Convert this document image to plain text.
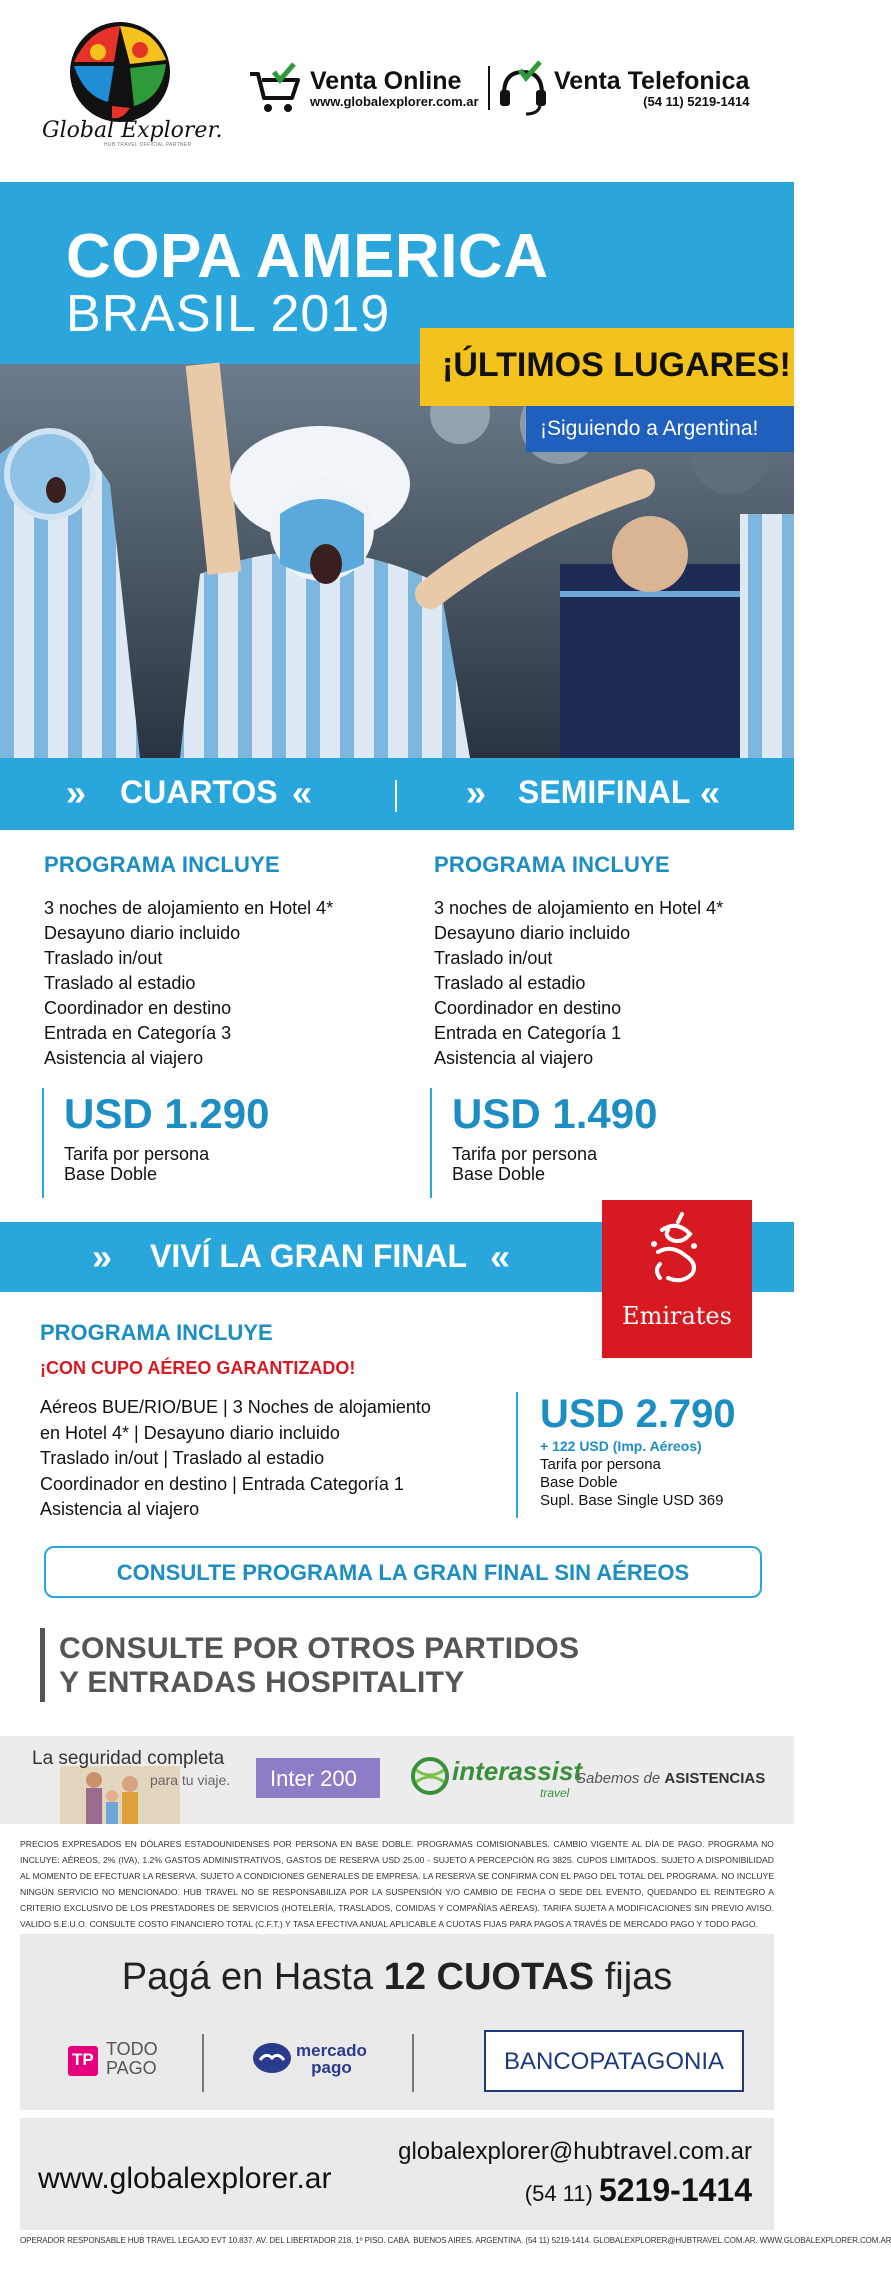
Global Explorer.
HUB TRAVEL OFFICIAL PARTNER
Venta Online
www.globalexplorer.com.ar
Venta Telefonica
(54 11) 5219-1414
COPA AMERICA
BRASIL 2019
¡ÚLTIMOS LUGARES!
¡Siguiendo a Argentina!
» CUARTOS «	» SEMIFINAL «
PROGRAMA INCLUYE
3 noches de alojamiento en Hotel 4*
Desayuno diario incluido
Traslado in/out
Traslado al estadio
Coordinador en destino
Entrada en Categoría 3
Asistencia al viajero
USD 1.290
Tarifa por persona
Base Doble
PROGRAMA INCLUYE
3 noches de alojamiento en Hotel 4*
Desayuno diario incluido
Traslado in/out
Traslado al estadio
Coordinador en destino
Entrada en Categoría 1
Asistencia al viajero
USD 1.490
Tarifa por persona
Base Doble
» VIVÍ LA GRAN FINAL «
Emirates
PROGRAMA INCLUYE
¡CON CUPO AÉREO GARANTIZADO!
Aéreos BUE/RIO/BUE | 3 Noches de alojamiento
en Hotel 4* | Desayuno diario incluido
Traslado in/out | Traslado al estadio
Coordinador en destino | Entrada Categoría 1
Asistencia al viajero
USD 2.790
+ 122 USD (Imp. Aéreos)
Tarifa por persona
Base Doble
Supl. Base Single USD 369
CONSULTE PROGRAMA LA GRAN FINAL SIN AÉREOS
CONSULTE POR OTROS PARTIDOS
Y ENTRADAS HOSPITALITY
La seguridad completa
para tu viaje. Inter 200	interassist
travel
Sabemos de ASISTENCIAS
PRECIOS EXPRESADOS EN DÓLARES ESTADOUNIDENSES POR PERSONA EN BASE DOBLE. PROGRAMAS COMISIONABLES. CAMBIO VIGENTE AL DÍA DE PAGO. PROGRAMA NO INCLUYE: AÉREOS, 2% (IVA), 1.2% GASTOS ADMINISTRATIVOS, GASTOS DE RESERVA USD 25.00 - SUJETO A PERCEPCIÓN RG 3825. CUPOS LIMITADOS. SUJETO A DISPONIBILIDAD AL MOMENTO DE EFECTUAR LA RESERVA. SUJETO A CONDICIONES GENERALES DE EMPRESA. LA RESERVA SE CONFIRMA CON EL PAGO DEL TOTAL DEL PROGRAMA. NO INCLUYE NINGÚN SERVICIO NO MENCIONADO. HUB TRAVEL NO SE RESPONSABILIZA POR LA SUSPENSIÓN Y/O CAMBIO DE FECHA O SEDE DEL EVENTO, QUEDANDO EL REINTEGRO A CRITERIO EXCLUSIVO DE LOS PRESTADORES DE SERVICIOS (HOTELERÍA, TRASLADOS, COMIDAS Y COMPAÑÍAS AÉREAS). TARIFA SUJETA A MODIFICACIONES SIN PREVIO AVISO. VALIDO S.E.U.O. CONSULTE COSTO FINANCIERO TOTAL (C.F.T.) Y TASA EFECTIVA ANUAL APLICABLE A CUOTAS FIJAS PARA PAGOS A TRAVÉS DE MERCADO PAGO Y TODO PAGO.
Pagá en Hasta 12 CUOTAS fijas
TP
TODO
PAGO
mercado
pago	BANCOPATAGONIA
www.globalexplorer.ar
globalexplorer@hubtravel.com.ar
(54 11) 5219-1414
OPERADOR RESPONSABLE HUB TRAVEL LEGAJO EVT 10.837. AV. DEL LIBERTADOR 218, 1º PISO. CABA. BUENOS AIRES. ARGENTINA. (54 11) 5219-1414. GLOBALEXPLORER@HUBTRAVEL.COM.AR. WWW.GLOBALEXPLORER.COM.AR
